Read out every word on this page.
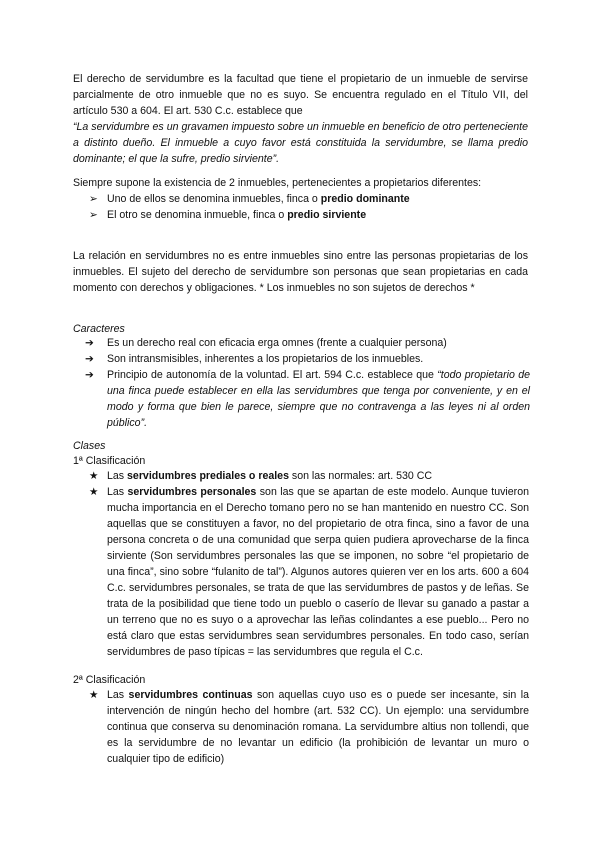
El derecho de servidumbre es la facultad que tiene el propietario de un inmueble de servirse parcialmente de otro inmueble que no es suyo. Se encuentra regulado en el Título VII, del artículo 530 a 604. El art. 530 C.c. establece que
“La servidumbre es un gravamen impuesto sobre un inmueble en beneficio de otro perteneciente a distinto dueño. El inmueble a cuyo favor está constituida la servidumbre, se llama predio dominante; el que la sufre, predio sirviente”.

Siempre supone la existencia de 2 inmuebles, pertenecientes a propietarios diferentes:

➢ Uno de ellos se denomina inmuebles, finca o predio dominante
➢ El otro se denomina inmueble, finca o predio sirviente

La relación en servidumbres no es entre inmuebles sino entre las personas propietarias de los inmuebles. El sujeto del derecho de servidumbre son personas que sean propietarias en cada momento con derechos y obligaciones. * Los inmuebles no son sujetos de derechos *

Caracteres

➔ Es un derecho real con eficacia erga omnes (frente a cualquier persona)
➔ Son intransmisibles, inherentes a los propietarios de los inmuebles.
➔ Principio de autonomía de la voluntad. El art. 594 C.c. establece que “todo propietario de una finca puede establecer en ella las servidumbres que tenga por conveniente, y en el modo y forma que bien le parece, siempre que no contravenga a las leyes ni al orden público”.

Clases

1ª Clasificación

★ Las servidumbres prediales o reales son las normales: art. 530 CC
★ Las servidumbres personales son las que se apartan de este modelo. Aunque tuvieron mucha importancia en el Derecho tomano pero no se han mantenido en nuestro CC. Son aquellas que se constituyen a favor, no del propietario de otra finca, sino a favor de una persona concreta o de una comunidad que serpa quien pudiera aprovecharse de la finca sirviente (Son servidumbres personales las que se imponen, no sobre “el propietario de una finca”, sino sobre “fulanito de tal”). Algunos autores quieren ver en los arts. 600 a 604 C.c. servidumbres personales, se trata de que las servidumbres de pastos y de leñas. Se trata de la posibilidad que tiene todo un pueblo o caserío de llevar su ganado a pastar a un terreno que no es suyo o a aprovechar las leñas colindantes a ese pueblo... Pero no está claro que estas servidumbres sean servidumbres personales. En todo caso, serían servidumbres de paso típicas = las servidumbres que regula el C.c.

2ª Clasificación

★ Las servidumbres continuas son aquellas cuyo uso es o puede ser incesante, sin la intervención de ningún hecho del hombre (art. 532 CC). Un ejemplo: una servidumbre continua que conserva su denominación romana. La servidumbre altius non tollendi, que es la servidumbre de no levantar un edificio (la prohibición de levantar un muro o cualquier tipo de edificio)
